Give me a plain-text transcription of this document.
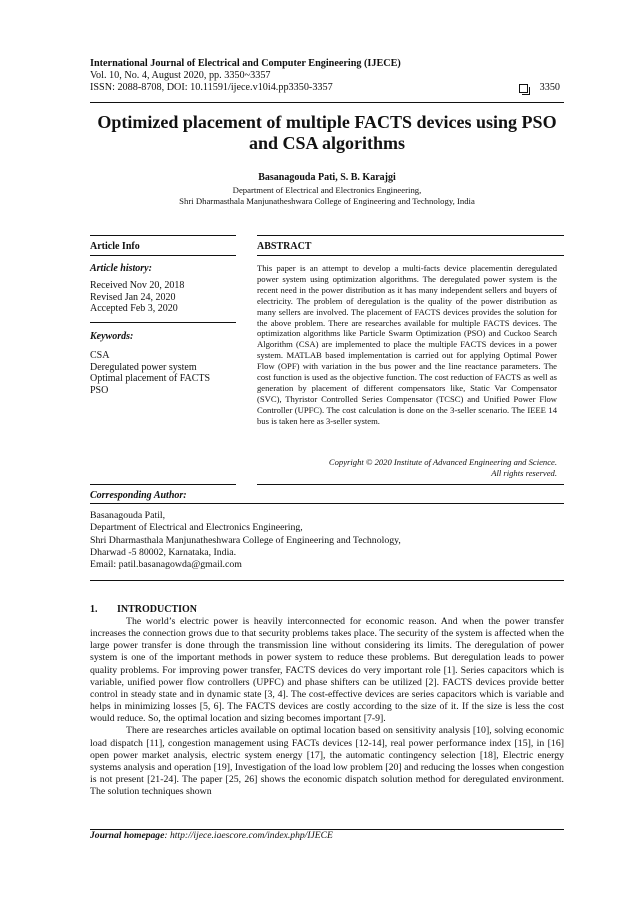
International Journal of Electrical and Computer Engineering (IJECE)
Vol. 10, No. 4, August 2020, pp. 3350~3357
ISSN: 2088-8708, DOI: 10.11591/ijece.v10i4.pp3350-3357	3350
Optimized placement of multiple FACTS devices using PSO and CSA algorithms
Basanagouda Pati, S. B. Karajgi
Department of Electrical and Electronics Engineering,
Shri Dharmasthala Manjunatheshwara College of Engineering and Technology, India
Article Info	ABSTRACT
Article history:
Received Nov 20, 2018
Revised Jan 24, 2020
Accepted Feb 3, 2020
Keywords:
CSA
Deregulated power system
Optimal placement of FACTS
PSO
This paper is an attempt to develop a multi-facts device placementin deregulated power system using optimization algorithms. The deregulated power system is the recent need in the power distribution as it has many independent sellers and buyers of electricity. The problem of deregulation is the quality of the power distribution as many sellers are involved. The placement of FACTS devices provides the solution for the above problem. There are researches available for multiple FACTS devices. The optimization algorithms like Particle Swarm Optimization (PSO) and Cuckoo Search Algorithm (CSA) are implemented to place the multiple FACTS devices in a power system. MATLAB based implementation is carried out for applying Optimal Power Flow (OPF) with variation in the bus power and the line reactance parameters. The cost function is used as the objective function. The cost reduction of FACTS as well as generation by placement of different compensators like, Static Var Compensator (SVC), Thyristor Controlled Series Compensator (TCSC) and Unified Power Flow Controller (UPFC). The cost calculation is done on the 3-seller scenario. The IEEE 14 bus is taken here as 3-seller system.
Copyright © 2020 Institute of Advanced Engineering and Science.
All rights reserved.
Corresponding Author:
Basanagouda Patil,
Department of Electrical and Electronics Engineering,
Shri Dharmasthala Manjunatheshwara College of Engineering and Technology,
Dharwad -5 80002, Karnataka, India.
Email: patil.basanagowda@gmail.com
1. INTRODUCTION

The world’s electric power is heavily interconnected for economic reason. And when the power transfer increases the connection grows due to that security problems takes place. The security of the system is affected when the large power transfer is done through the transmission line without considering its limits. The deregulation of power system is one of the important methods in power system to reduce these problems. But deregulation leads to power quality problems. For improving power transfer, FACTS devices do very important role [1]. Series capacitors which is variable, unified power flow controllers (UPFC) and phase shifters can be utilized [2]. FACTS devices provide better control in steady state and in dynamic state [3, 4]. The cost-effective devices are series capacitors which is variable and helps in minimizing losses [5, 6]. The FACTS devices are costly according to the size of it. If the size is less the cost would reduce. So, the optimal location and sizing becomes important [7-9].

There are researches articles available on optimal location based on sensitivity analysis [10], solving economic load dispatch [11], congestion management using FACTs devices [12-14], real power performance index [15], in [16] open power market analysis, electric system energy [17], the automatic contingency selection [18], Electric energy systems analysis and operation [19], Investigation of the load low problem [20] and reducing the losses when congestion is not present [21-24]. The paper [25, 26] shows the economic dispatch solution method for deregulated environment. The solution techniques shown

Journal homepage: http://ijece.iaescore.com/index.php/IJECE
